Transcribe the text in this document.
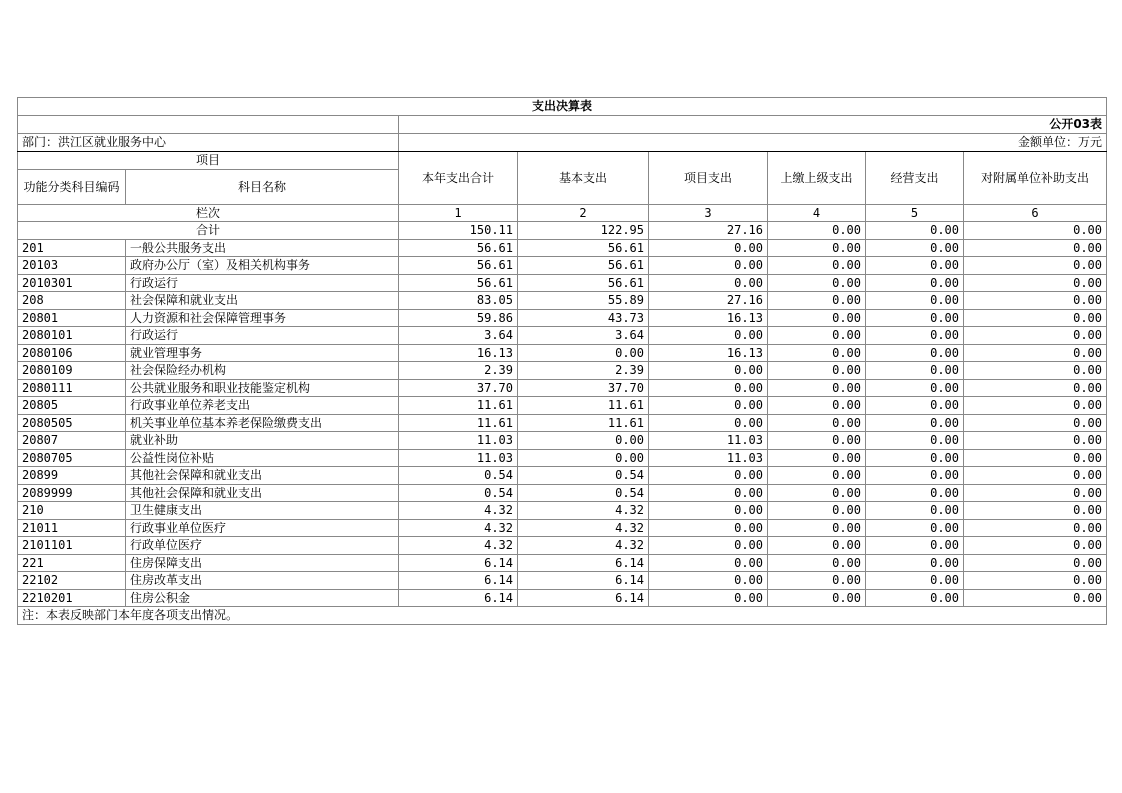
支出决算表							
		公开03表					
部门：洪江区就业服务中心		金额单位：万元					
项目		本年支出合计	基本支出	项目支出	上缴上级支出	经营支出	对附属单位补助支出
功能分类科目编码	科目名称						
栏次		1	2	3	4	5	6
合计		150.11	122.95	27.16	0.00	0.00	0.00
201	一般公共服务支出	56.61	56.61	0.00	0.00	0.00	0.00
20103	政府办公厅（室）及相关机构事务	56.61	56.61	0.00	0.00	0.00	0.00
2010301	行政运行	56.61	56.61	0.00	0.00	0.00	0.00
208	社会保障和就业支出	83.05	55.89	27.16	0.00	0.00	0.00
20801	人力资源和社会保障管理事务	59.86	43.73	16.13	0.00	0.00	0.00
2080101	行政运行	3.64	3.64	0.00	0.00	0.00	0.00
2080106	就业管理事务	16.13	0.00	16.13	0.00	0.00	0.00
2080109	社会保险经办机构	2.39	2.39	0.00	0.00	0.00	0.00
2080111	公共就业服务和职业技能鉴定机构	37.70	37.70	0.00	0.00	0.00	0.00
20805	行政事业单位养老支出	11.61	11.61	0.00	0.00	0.00	0.00
2080505	机关事业单位基本养老保险缴费支出	11.61	11.61	0.00	0.00	0.00	0.00
20807	就业补助	11.03	0.00	11.03	0.00	0.00	0.00
2080705	公益性岗位补贴	11.03	0.00	11.03	0.00	0.00	0.00
20899	其他社会保障和就业支出	0.54	0.54	0.00	0.00	0.00	0.00
2089999	其他社会保障和就业支出	0.54	0.54	0.00	0.00	0.00	0.00
210	卫生健康支出	4.32	4.32	0.00	0.00	0.00	0.00
21011	行政事业单位医疗	4.32	4.32	0.00	0.00	0.00	0.00
2101101	行政单位医疗	4.32	4.32	0.00	0.00	0.00	0.00
221	住房保障支出	6.14	6.14	0.00	0.00	0.00	0.00
22102	住房改革支出	6.14	6.14	0.00	0.00	0.00	0.00
2210201	住房公积金	6.14	6.14	0.00	0.00	0.00	0.00
注：本表反映部门本年度各项支出情况。							
